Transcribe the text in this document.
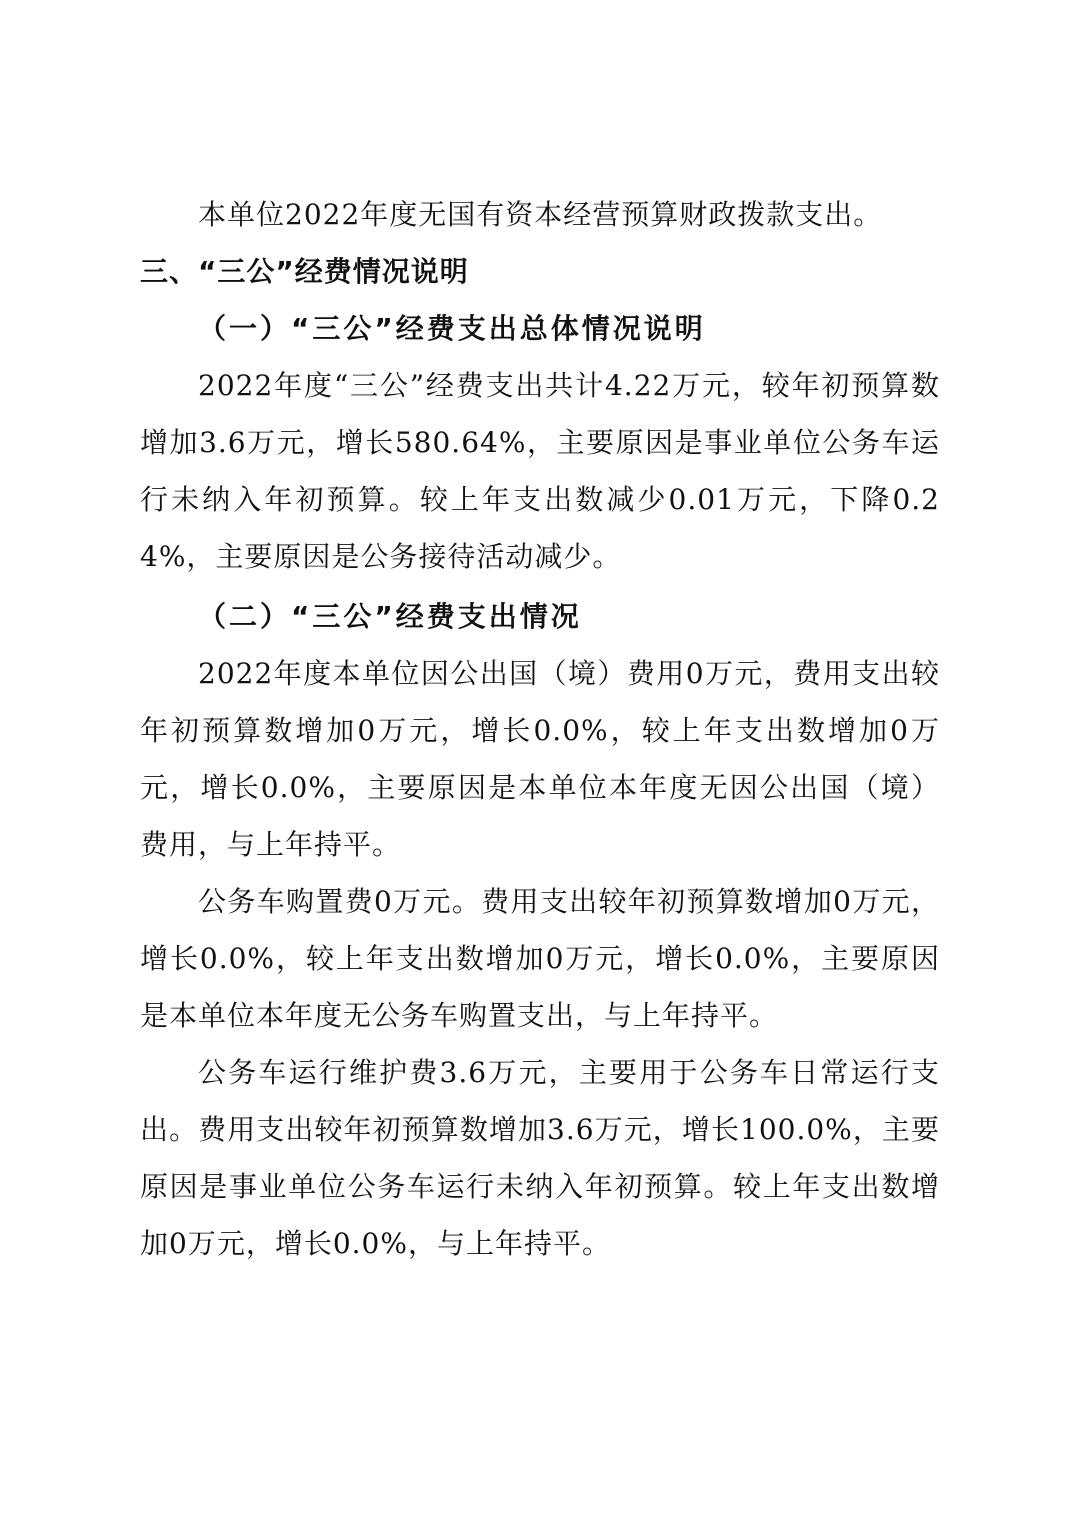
本单位2022年度无国有资本经营预算财政拨款支出。

三、“三公”经费情况说明

（一）“三公”经费支出总体情况说明

2022年度“三公”经费支出共计4.22万元，较年初预算数增加3.6万元，增长580.64%，主要原因是事业单位公务车运行未纳入年初预算。较上年支出数减少0.01万元，下降0.24%，主要原因是公务接待活动减少。

（二）“三公”经费支出情况

2022年度本单位因公出国（境）费用0万元，费用支出较年初预算数增加0万元，增长0.0%，较上年支出数增加0万元，增长0.0%，主要原因是本单位本年度无因公出国（境）费用，与上年持平。

公务车购置费0万元。费用支出较年初预算数增加0万元，增长0.0%，较上年支出数增加0万元，增长0.0%，主要原因是本单位本年度无公务车购置支出，与上年持平。

公务车运行维护费3.6万元，主要用于公务车日常运行支出。费用支出较年初预算数增加3.6万元，增长100.0%，主要原因是事业单位公务车运行未纳入年初预算。较上年支出数增加0万元，增长0.0%，与上年持平。
